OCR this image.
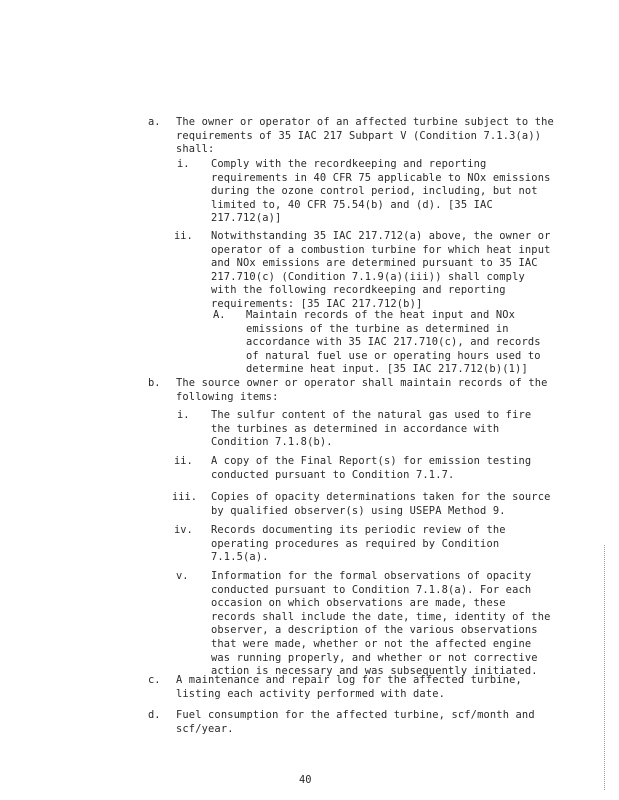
a. The owner or operator of an affected turbine subject to the
requirements of 35 IAC 217 Subpart V (Condition 7.1.3(a))
shall:
i. Comply with the recordkeeping and reporting
requirements in 40 CFR 75 applicable to NOx emissions
during the ozone control period, including, but not
limited to, 40 CFR 75.54(b) and (d). [35 IAC
217.712(a)]
ii. Notwithstanding 35 IAC 217.712(a) above, the owner or
operator of a combustion turbine for which heat input
and NOx emissions are determined pursuant to 35 IAC
217.710(c) (Condition 7.1.9(a)(iii)) shall comply
with the following recordkeeping and reporting
requirements: [35 IAC 217.712(b)]
A. Maintain records of the heat input and NOx
emissions of the turbine as determined in
accordance with 35 IAC 217.710(c), and records
of natural fuel use or operating hours used to
determine heat input. [35 IAC 217.712(b)(1)]
b. The source owner or operator shall maintain records of the
following items:
i. The sulfur content of the natural gas used to fire
the turbines as determined in accordance with
Condition 7.1.8(b).
ii. A copy of the Final Report(s) for emission testing
conducted pursuant to Condition 7.1.7.
iii. Copies of opacity determinations taken for the source
by qualified observer(s) using USEPA Method 9.
iv. Records documenting its periodic review of the
operating procedures as required by Condition
7.1.5(a).
v. Information for the formal observations of opacity
conducted pursuant to Condition 7.1.8(a). For each
occasion on which observations are made, these
records shall include the date, time, identity of the
observer, a description of the various observations
that were made, whether or not the affected engine
was running properly, and whether or not corrective
action is necessary and was subsequently initiated.
c. A maintenance and repair log for the affected turbine,
listing each activity performed with date.
d. Fuel consumption for the affected turbine, scf/month and
scf/year.
40
